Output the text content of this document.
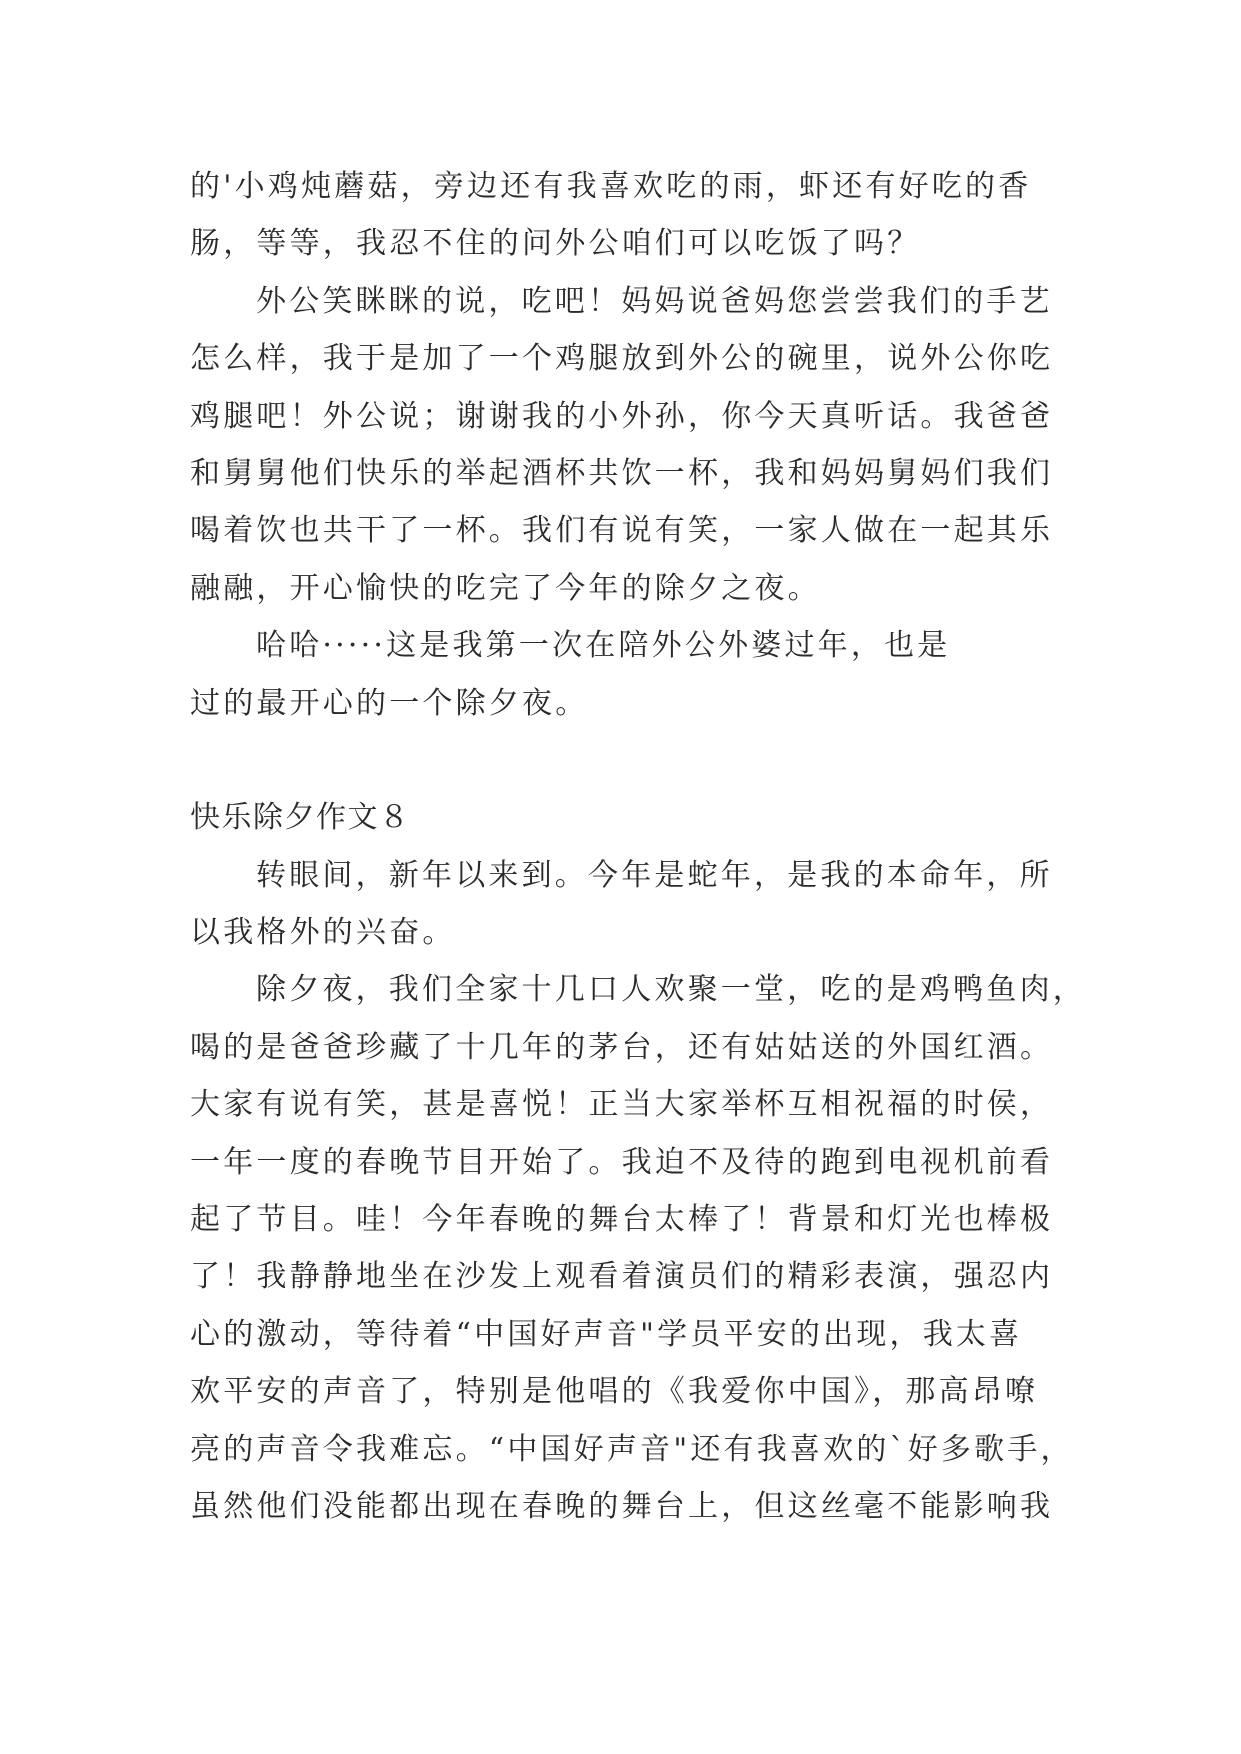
的'小鸡炖蘑菇，旁边还有我喜欢吃的雨，虾还有好吃的香
肠，等等，我忍不住的问外公咱们可以吃饭了吗？
外公笑眯眯的说，吃吧！妈妈说爸妈您尝尝我们的手艺
怎么样，我于是加了一个鸡腿放到外公的碗里，说外公你吃
鸡腿吧！外公说；谢谢我的小外孙，你今天真听话。我爸爸
和舅舅他们快乐的举起酒杯共饮一杯，我和妈妈舅妈们我们
喝着饮也共干了一杯。我们有说有笑，一家人做在一起其乐
融融，开心愉快的吃完了今年的除夕之夜。
哈哈·····这是我第一次在陪外公外婆过年，也是
过的最开心的一个除夕夜。
快乐除夕作文８
转眼间，新年以来到。今年是蛇年，是我的本命年，所
以我格外的兴奋。
除夕夜，我们全家十几口人欢聚一堂，吃的是鸡鸭鱼肉，
喝的是爸爸珍藏了十几年的茅台，还有姑姑送的外国红酒。
大家有说有笑，甚是喜悦！正当大家举杯互相祝福的时侯，
一年一度的春晚节目开始了。我迫不及待的跑到电视机前看
起了节目。哇！今年春晚的舞台太棒了！背景和灯光也棒极
了！我静静地坐在沙发上观看着演员们的精彩表演，强忍内
心的激动，等待着“中国好声音"学员平安的出现，我太喜
欢平安的声音了，特别是他唱的《我爱你中国》，那高昂嘹
亮的声音令我难忘。“中国好声音"还有我喜欢的`好多歌手，
虽然他们没能都出现在春晚的舞台上，但这丝毫不能影响我
